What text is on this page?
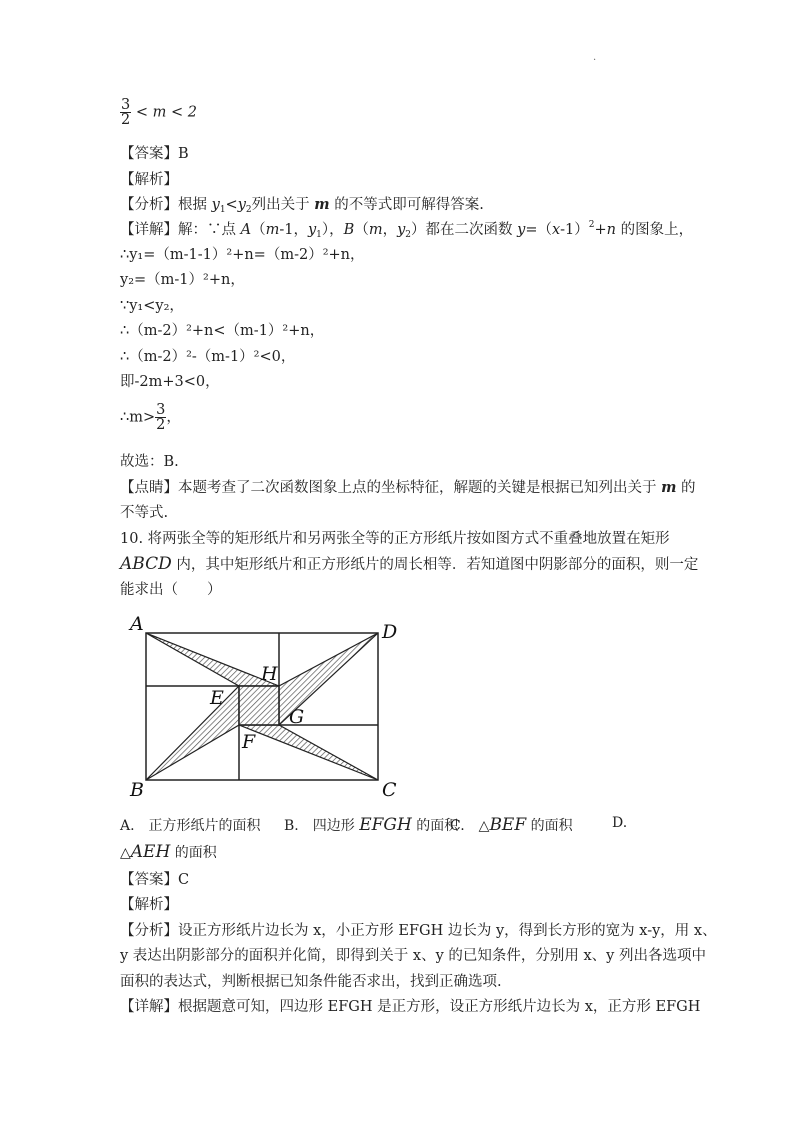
.
$\frac{3}{2} < m < 2$
【答案】B
【解析】
【分析】根据 $y_1<y_2$列出关于 m 的不等式即可解得答案.
【详解】解：∵点 A（m-1，$y_1$），B（m，$y_2$）都在二次函数 $y=(x-1)^2+n$ 的图象上，
∴y₁=（m-1-1）²+n=（m-2）²+n，
y₂=（m-1）²+n，
∵y₁<y₂，
∴（m-2）²+n<（m-1）²+n，
∴（m-2）²-（m-1）²<0，
即-2m+3<0，
∴m> $\frac{3}{2}$ ，
故选：B.
【点睛】本题考查了二次函数图象上点的坐标特征，解题的关键是根据已知列出关于 m 的
不等式.
10. 将两张全等的矩形纸片和另两张全等的正方形纸片按如图方式不重叠地放置在矩形
ABCD 内，其中矩形纸片和正方形纸片的周长相等．若知道图中阴影部分的面积，则一定
能求出（　　）
A	D
B	C
E
F
G
H
A.　正方形纸片的面积 B.　四边形 EFGH 的面积
C.　△BEF 的面积	D.
△AEH 的面积
【答案】C
【解析】
【分析】设正方形纸片边长为 x，小正方形 EFGH 边长为 y，得到长方形的宽为 x-y，用 x、
y 表达出阴影部分的面积并化简，即得到关于 x、y 的已知条件，分别用 x、y 列出各选项中
面积的表达式，判断根据已知条件能否求出，找到正确选项.
【详解】根据题意可知，四边形 EFGH 是正方形，设正方形纸片边长为 x，正方形 EFGH
